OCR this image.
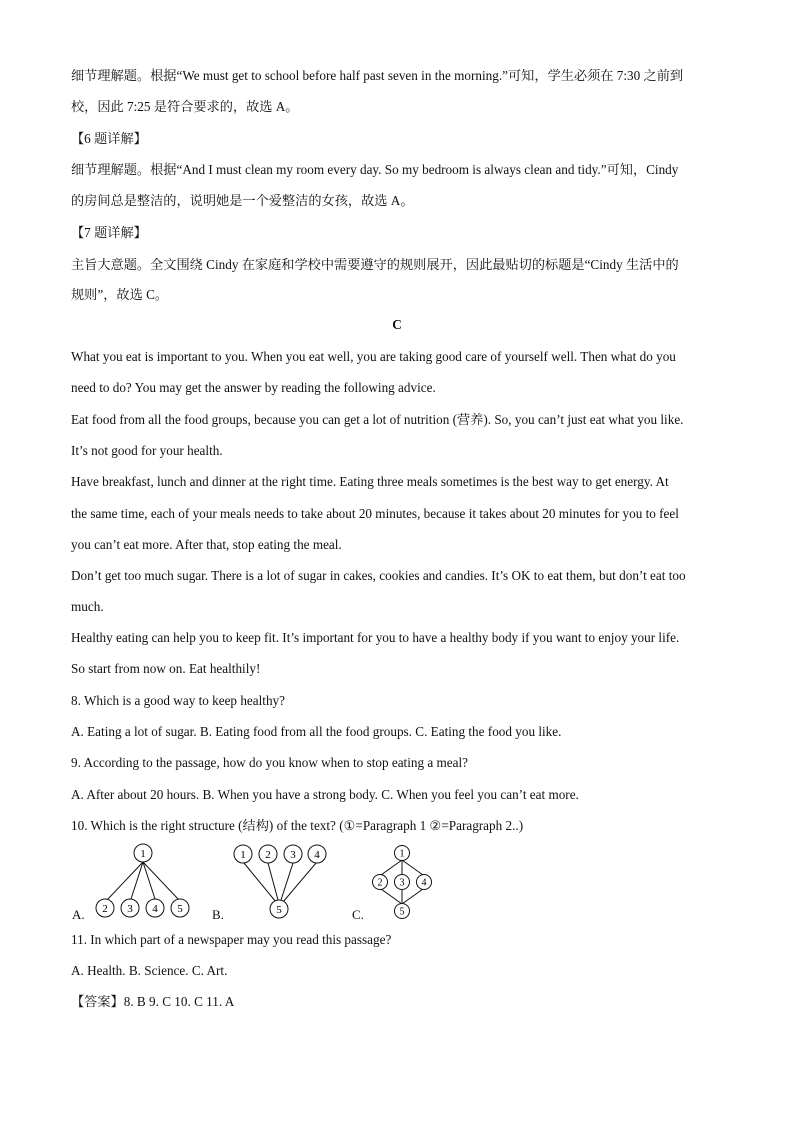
细节理解题。根据“We must get to school before half past seven in the morning.”可知，学生必须在 7:30 之前到
校，因此 7:25 是符合要求的，故选 A。
【6 题详解】
细节理解题。根据“And I must clean my room every day. So my bedroom is always clean and tidy.”可知，Cindy
的房间总是整洁的，说明她是一个爱整洁的女孩，故选 A。
【7 题详解】
主旨大意题。全文围绕 Cindy 在家庭和学校中需要遵守的规则展开，因此最贴切的标题是“Cindy 生活中的
规则”，故选 C。
C
What you eat is important to you. When you eat well, you are taking good care of yourself well. Then what do you
need to do? You may get the answer by reading the following advice.
Eat food from all the food groups, because you can get a lot of nutrition (营养). So, you can’t just eat what you like.
It’s not good for your health.
Have breakfast, lunch and dinner at the right time. Eating three meals sometimes is the best way to get energy. At
the same time, each of your meals needs to take about 20 minutes, because it takes about 20 minutes for you to feel
you can’t eat more. After that, stop eating the meal.
Don’t get too much sugar. There is a lot of sugar in cakes, cookies and candies. It’s OK to eat them, but don’t eat too
much.
Healthy eating can help you to keep fit. It’s important for you to have a healthy body if you want to enjoy your life.
So start from now on. Eat healthily!
8. Which is a good way to keep healthy?
A. Eating a lot of sugar. B. Eating food from all the food groups. C. Eating the food you like.
9. According to the passage, how do you know when to stop eating a meal?
A. After about 20 hours. B. When you have a strong body. C. When you feel you can’t eat more.
10. Which is the right structure (结构) of the text? (①=Paragraph 1 ②=Paragraph 2..)
A.
1
2 3 4 5 B.
1 2 3 4
5	C.
1
2 3 4
5
11. In which part of a newspaper may you read this passage?
A. Health. B. Science. C. Art.
【答案】8. B 9. C 10. C 11. A
